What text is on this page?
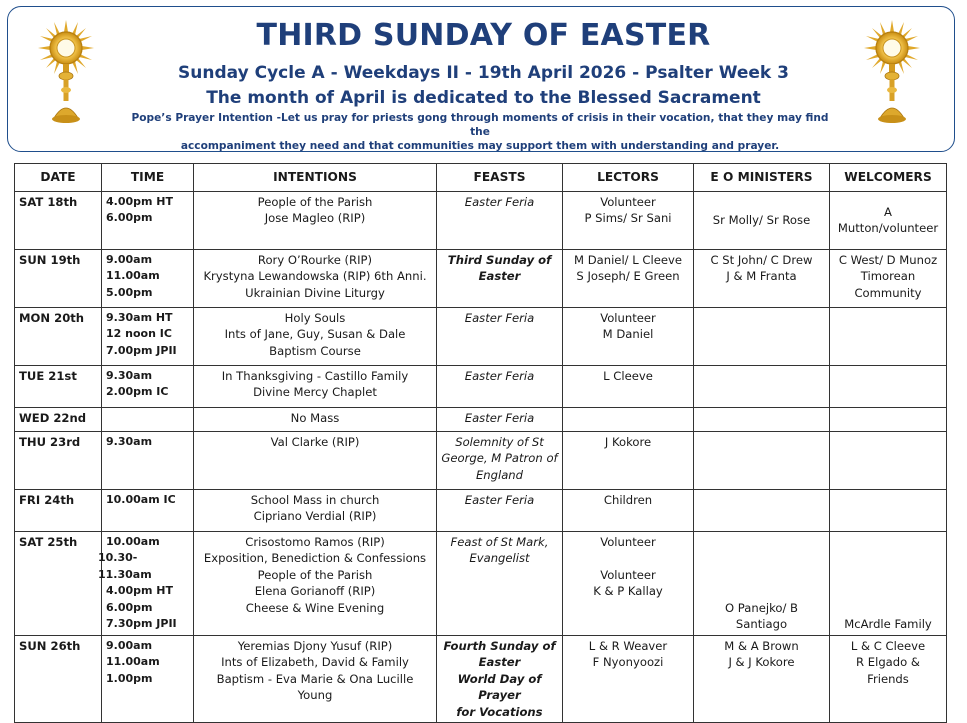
THIRD SUNDAY OF EASTER
Sunday Cycle A - Weekdays II - 19th April 2026 - Psalter Week 3
The month of April is dedicated to the Blessed Sacrament
Pope’s Prayer Intention -Let us pray for priests gong through moments of crisis in their vocation, that they may find the
accompaniment they need and that communities may support them with understanding and prayer.
DATE	TIME	INTENTIONS	FEASTS	LECTORS	E O MINISTERS	WELCOMERS
SAT 18th	4.00pm HT
6.00pm	People of the Parish
Jose Magleo (RIP)	Easter Feria	Volunteer
P Sims/ Sr Sani	Sr Molly/ Sr Rose	A Mutton/volunteer

SUN 19th	9.00am
11.00am
5.00pm	Rory O’Rourke (RIP)
Krystyna Lewandowska (RIP) 6th Anni.
Ukrainian Divine Liturgy	Third Sunday of
Easter	M Daniel/ L Cleeve
S Joseph/ E Green	C St John/ C Drew
J & M Franta	C West/ D Munoz
Timorean
Community

MON 20th	9.30am HT
12 noon IC
7.00pm JPII	Holy Souls
Ints of Jane, Guy, Susan & Dale
Baptism Course	Easter Feria	Volunteer
M Daniel		

TUE 21st	9.30am
2.00pm IC	In Thanksgiving - Castillo Family
Divine Mercy Chaplet	Easter Feria	L Cleeve		

WED 22nd		No Mass	Easter Feria			

THU 23rd	9.30am	Val Clarke (RIP)	Solemnity of St
George, M Patron of
England	J Kokore		

FRI 24th	10.00am IC	School Mass in church
Cipriano Verdial (RIP)	Easter Feria	Children		

SAT 25th	10.00am
10.30-11.30am
4.00pm HT
6.00pm
7.30pm JPII	Crisostomo Ramos (RIP)
Exposition, Benediction & Confessions
People of the Parish
Elena Gorianoff (RIP)
Cheese & Wine Evening	Feast of St Mark,
Evangelist	Volunteer
Volunteer
K & P Kallay	O Panejko/ B Santiago	McArdle Family

SUN 26th	9.00am
11.00am
1.00pm	Yeremias Djony Yusuf (RIP)
Ints of Elizabeth, David & Family
Baptism - Eva Marie & Ona Lucille Young	Fourth Sunday of
Easter
World Day of Prayer
for Vocations	L & R Weaver
F Nyonyoozi	M & A Brown
J & J Kokore	L & C Cleeve
R Elgado & Friends
